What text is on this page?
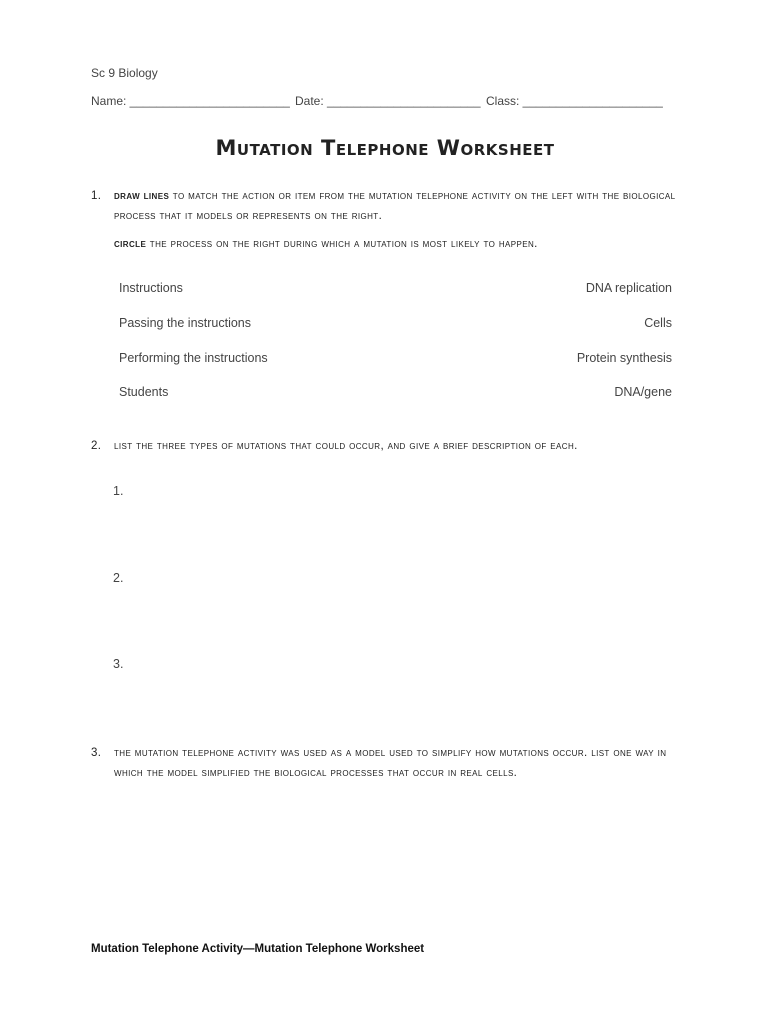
Sc 9 Biology
Name: ________________________ Date: _______________________ Class: _____________________
Mutation Telephone Worksheet
1. draw lines to match the action or item from the mutation telephone activity on the left with the biological process that it models or represents on the right.
circle the process on the right during which a mutation is most likely to happen.
Instructions	DNA replication
Passing the instructions	Cells
Performing the instructions	Protein synthesis
Students	DNA/gene
2. list the three types of mutations that could occur, and give a brief description of each.
1.
2.
3.
3. the mutation telephone activity was used as a model used to simplify how mutations occur. list one way in which the model simplified the biological processes that occur in real cells.
Mutation Telephone Activity—Mutation Telephone Worksheet
